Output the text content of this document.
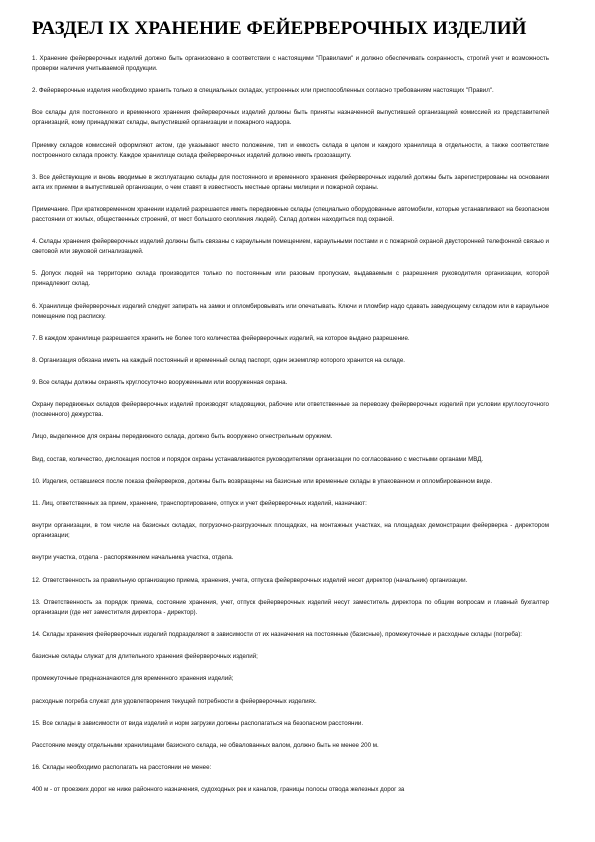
РАЗДЕЛ IX ХРАНЕНИЕ ФЕЙЕРВЕРОЧНЫХ ИЗДЕЛИЙ

1. Хранение фейерверочных изделий должно быть организовано в соответствии с настоящими "Правилами" и должно обеспечивать сохранность, строгий учет и возможность проверки наличия учитываемой продукции.

2. Фейерверочные изделия необходимо хранить только в специальных складах, устроенных или приспособленных согласно требованиям настоящих "Правил".

Все склады для постоянного и временного хранения фейерверочных изделий должны быть приняты назначенной выпустившей организацией комиссией из представителей организаций, кому принадлежат склады, выпустившей организации и пожарного надзора.

Приемку складов комиссией оформляют актом, где указывают место положение, тип и емкость склада в целом и каждого хранилища в отдельности, а также соответствие построенного склада проекту. Каждое хранилище склада фейерверочных изделий должно иметь грозозащиту.

3. Все действующие и вновь вводимые в эксплуатацию склады для постоянного и временного хранения фейерверочных изделий должны быть зарегистрированы на основании акта их приемки в выпустившей организации, о чем ставят в известность местные органы милиции и пожарной охраны.

Примечание. При кратковременном хранении изделий разрешается иметь передвижные склады (специально оборудованные автомобили, которые устанавливают на безопасном расстоянии от жилых, общественных строений, от мест большого скопления людей). Склад должен находиться под охраной.

4. Склады хранения фейерверочных изделий должны быть связаны с караульным помещением, караульными постами и с пожарной охраной двусторонней телефонной связью и световой или звуковой сигнализацией.

5. Допуск людей на территорию склада производится только по постоянным или разовым пропускам, выдаваемым с разрешения руководителя организации, которой принадлежит склад.

6. Хранилище фейерверочных изделий следует запирать на замки и опломбировывать или опечатывать. Ключи и пломбир надо сдавать заведующему складом или в караульное помещение под расписку.

7. В каждом хранилище разрешается хранить не более того количества фейерверочных изделий, на которое выдано разрешение.

8. Организация обязана иметь на каждый постоянный и временный склад паспорт, один экземпляр которого хранится на складе.

9. Все склады должны охранять круглосуточно вооруженными или вооруженная охрана.

Охрану передвижных складов фейерверочных изделий производят кладовщики, рабочие или ответственные за перевозку фейерверочных изделий при условии круглосуточного (посменного) дежурства.

Лицо, выделенное для охраны передвижного склада, должно быть вооружено огнестрельным оружием.

Вид, состав, количество, дислокация постов и порядок охраны устанавливаются руководителями организации по согласованию с местными органами МВД.

10. Изделия, оставшиеся после показа фейерверков, должны быть возвращены на базисные или временные склады в упакованном и опломбированном виде.

11. Лиц, ответственных за прием, хранение, транспортирование, отпуск и учет фейерверочных изделий, назначают:

внутри организации, в том числе на базисных складах, погрузочно-разгрузочных площадках, на монтажных участках, на площадках демонстрации фейерверка - директором организации;

внутри участка, отдела - распоряжением начальника участка, отдела.

12. Ответственность за правильную организацию приема, хранения, учета, отпуска фейерверочных изделий несет директор (начальник) организации.

13. Ответственность за порядок приема, состояние хранения, учет, отпуск фейерверочных изделий несут заместитель директора по общим вопросам и главный бухгалтер организации (где нет заместителя директора - директор).

14. Склады хранения фейерверочных изделий подразделяют в зависимости от их назначения на постоянные (базисные), промежуточные и расходные склады (погреба):

базисные склады служат для длительного хранения фейерверочных изделий;

промежуточные предназначаются для временного хранения изделий;

расходные погреба служат для удовлетворения текущей потребности в фейерверочных изделиях.

15. Все склады в зависимости от вида изделий и норм загрузки должны располагаться на безопасном расстоянии.

Расстояние между отдельными хранилищами базисного склада, не обвалованных валом, должно быть не менее 200 м.

16. Склады необходимо располагать на расстоянии не менее:

400 м - от проезжих дорог не ниже районного назначения, судоходных рек и каналов, границы полосы отвода железных дорог за
